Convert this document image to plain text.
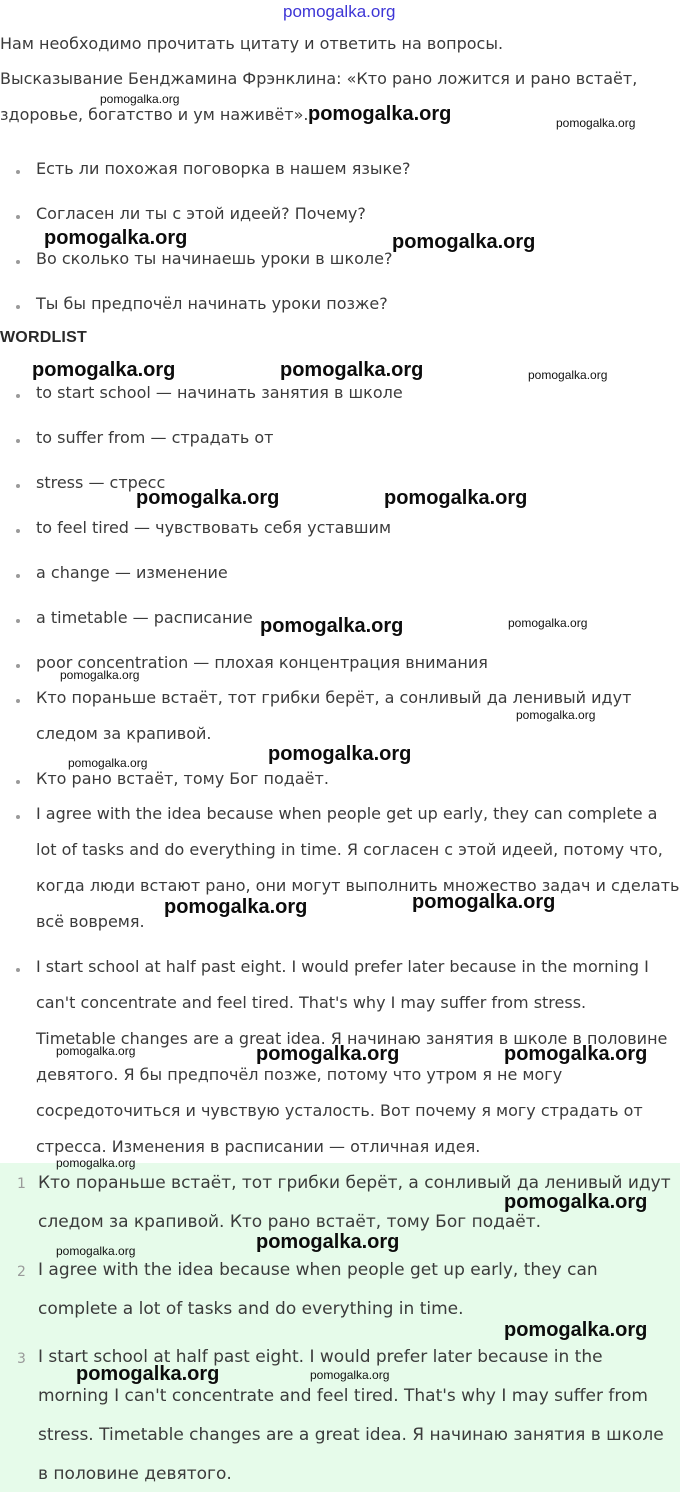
pomogalka.org
Нам необходимо прочитать цитату и ответить на вопросы.
Высказывание Бенджамина Фрэнклина: «Кто рано ложится и рано встаёт,
здоровье, богатство и ум наживёт».
Есть ли похожая поговорка в нашем языке?
Согласен ли ты с этой идеей? Почему?
Во сколько ты начинаешь уроки в школе?
Ты бы предпочёл начинать уроки позже?
WORDLIST
to start school — начинать занятия в школе
to suffer from — страдать от
stress — стресс
to feel tired — чувствовать себя уставшим
a change — изменение
a timetable — расписание
poor concentration — плохая концентрация внимания
Кто пораньше встаёт, тот грибки берёт, а сонливый да ленивый идут
следом за крапивой.
Кто рано встаёт, тому Бог подаёт.
I agree with the idea because when people get up early, they can complete a
lot of tasks and do everything in time. Я согласен с этой идеей, потому что,
когда люди встают рано, они могут выполнить множество задач и сделать
всё вовремя.
I start school at half past eight. I would prefer later because in the morning I
can't concentrate and feel tired. That's why I may suffer from stress.
Timetable changes are a great idea. Я начинаю занятия в школе в половине
девятого. Я бы предпочёл позже, потому что утром я не могу
сосредоточиться и чувствую усталость. Вот почему я могу страдать от
стресса. Изменения в расписании — отличная идея.
1 Кто пораньше встаёт, тот грибки берёт, а сонливый да ленивый идут
следом за крапивой. Кто рано встаёт, тому Бог подаёт.
2 I agree with the idea because when people get up early, they can
complete a lot of tasks and do everything in time.
3 I start school at half past eight. I would prefer later because in the
morning I can't concentrate and feel tired. That's why I may suffer from
stress. Timetable changes are a great idea. Я начинаю занятия в школе
в половине девятого.
pomogalka.org
pomogalka.org	pomogalka.org
pomogalka.org	pomogalka.org
pomogalka.org	pomogalka.org	pomogalka.org
pomogalka.org	pomogalka.org
pomogalka.org	pomogalka.org
pomogalka.org
pomogalka.org
pomogalka.org
pomogalka.org
pomogalka.org
pomogalka.org
pomogalka.org	pomogalka.org	pomogalka.org
pomogalka.org
pomogalka.org
pomogalka.org
pomogalka.org
pomogalka.org
pomogalka.org	pomogalka.org
